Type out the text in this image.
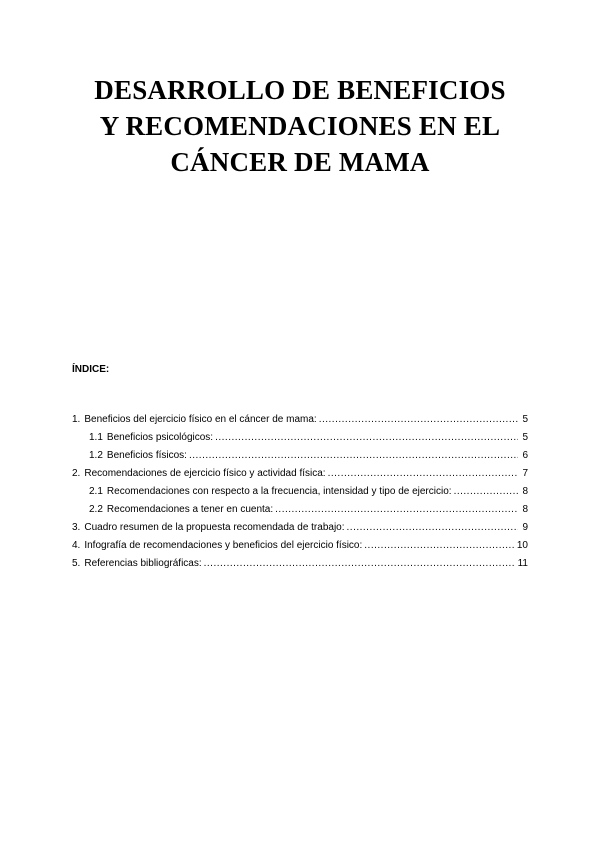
DESARROLLO DE BENEFICIOS
Y RECOMENDACIONES EN EL
CÁNCER DE MAMA
ÍNDICE:
1. Beneficios del ejercicio físico en el cáncer de mama: .....	5
1.1 Beneficios psicológicos: .....	5
1.2 Beneficios físicos: .....	6
2. Recomendaciones de ejercicio físico y actividad física: .....	7
2.1 Recomendaciones con respecto a la frecuencia, intensidad y tipo de ejercicio: .....	8
2.2 Recomendaciones a tener en cuenta: .....	8
3. Cuadro resumen de la propuesta recomendada de trabajo: .....	9
4. Infografía de recomendaciones y beneficios del ejercicio físico: .....	10
5. Referencias bibliográficas: .....	11
